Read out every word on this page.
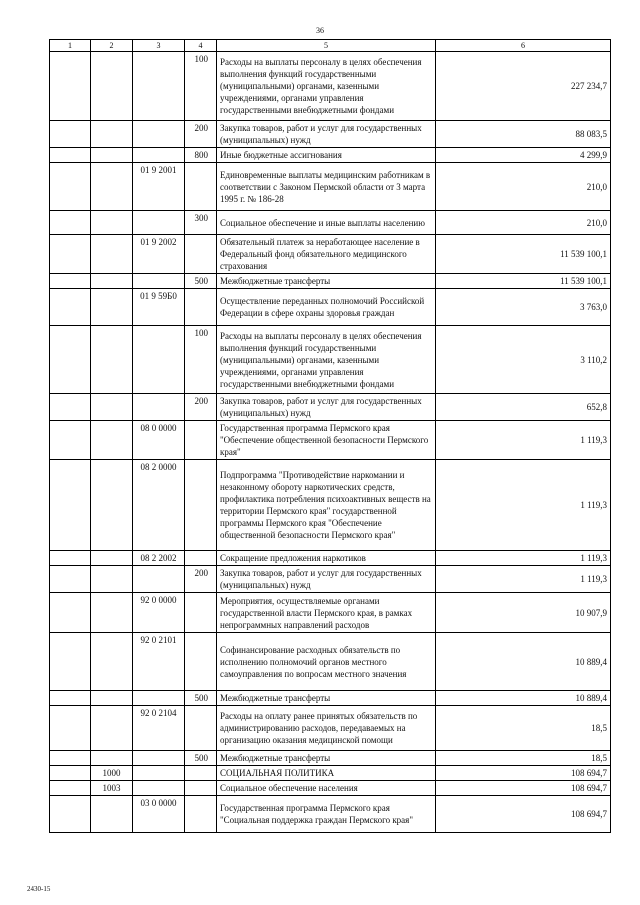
36
1	2	3	4	5	6
			100	Расходы на выплаты персоналу в целях обеспечения выполнения функций государственными (муниципальными) органами, казенными учреждениями, органами управления государственными внебюджетными фондами	227 234,7
			200	Закупка товаров, работ и услуг для государственных (муниципальных) нужд	88 083,5
			800	Иные бюджетные ассигнования	4 299,9
		01 9 2001		Единовременные выплаты медицинским работникам в соответствии с Законом Пермской области от 3 марта 1995 г. № 186-28	210,0
			300	Социальное обеспечение и иные выплаты населению	210,0
		01 9 2002		Обязательный платеж за неработающее население в Федеральный фонд обязательного медицинского страхования	11 539 100,1
			500	Межбюджетные трансферты	11 539 100,1
		01 9 59Б0		Осуществление переданных полномочий Российской Федерации в сфере охраны здоровья граждан	3 763,0
			100	Расходы на выплаты персоналу в целях обеспечения выполнения функций государственными (муниципальными) органами, казенными учреждениями, органами управления государственными внебюджетными фондами	3 110,2
			200	Закупка товаров, работ и услуг для государственных (муниципальных) нужд	652,8
		08 0 0000		Государственная программа Пермского края "Обеспечение общественной безопасности Пермского края"	1 119,3
		08 2 0000		Подпрограмма "Противодействие наркомании и незаконному обороту наркотических средств, профилактика потребления психоактивных веществ на территории Пермского края" государственной программы Пермского края "Обеспечение общественной безопасности Пермского края"	1 119,3
		08 2 2002		Сокращение предложения наркотиков	1 119,3
			200	Закупка товаров, работ и услуг для государственных (муниципальных) нужд	1 119,3
		92 0 0000		Мероприятия, осуществляемые органами государственной власти Пермского края, в рамках непрограммных направлений расходов	10 907,9
		92 0 2101		Софинансирование расходных обязательств по исполнению полномочий органов местного самоуправления по вопросам местного значения	10 889,4
			500	Межбюджетные трансферты	10 889,4
		92 0 2104		Расходы на оплату ранее принятых обязательств по администрированию расходов, передаваемых на организацию оказания медицинской помощи	18,5
			500	Межбюджетные трансферты	18,5
	1000			СОЦИАЛЬНАЯ ПОЛИТИКА	108 694,7
	1003			Социальное обеспечение населения	108 694,7
		03 0 0000		Государственная программа Пермского края "Социальная поддержка граждан Пермского края"	108 694,7
2430-15
